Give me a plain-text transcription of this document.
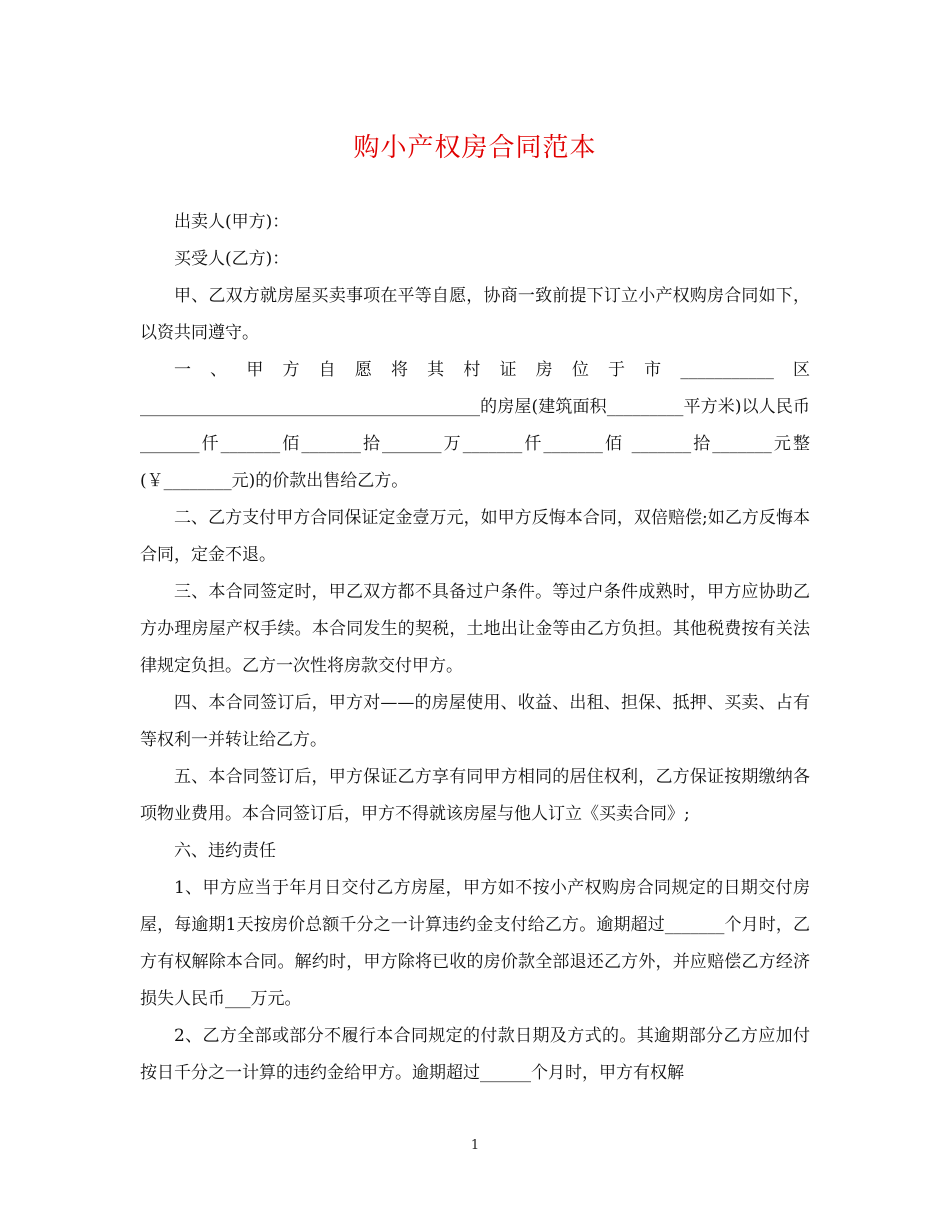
购小产权房合同范本

出卖人(甲方)：

买受人(乙方)：

甲、乙双方就房屋买卖事项在平等自愿，协商一致前提下订立小产权购房合同如下，以资共同遵守。

一、甲方自愿将其村证房位于市___________区________________________________________的房屋(建筑面积_________平方米)以人民币_______仟_______佰_______拾_______万_______仟_______佰 _______拾_______元整(￥________元)的价款出售给乙方。

二、乙方支付甲方合同保证定金壹万元，如甲方反悔本合同，双倍赔偿;如乙方反悔本合同，定金不退。

三、本合同签定时，甲乙双方都不具备过户条件。等过户条件成熟时，甲方应协助乙方办理房屋产权手续。本合同发生的契税，土地出让金等由乙方负担。其他税费按有关法律规定负担。乙方一次性将房款交付甲方。

四、本合同签订后，甲方对——的房屋使用、收益、出租、担保、抵押、买卖、占有等权利一并转让给乙方。

五、本合同签订后，甲方保证乙方享有同甲方相同的居住权利，乙方保证按期缴纳各项物业费用。本合同签订后，甲方不得就该房屋与他人订立《买卖合同》;

六、违约责任

1、甲方应当于年月日交付乙方房屋，甲方如不按小产权购房合同规定的日期交付房屋，每逾期1天按房价总额千分之一计算违约金支付给乙方。逾期超过_______个月时，乙方有权解除本合同。解约时，甲方除将已收的房价款全部退还乙方外，并应赔偿乙方经济损失人民币___万元。

2、乙方全部或部分不履行本合同规定的付款日期及方式的。其逾期部分乙方应加付按日千分之一计算的违约金给甲方。逾期超过______个月时，甲方有权解

1
